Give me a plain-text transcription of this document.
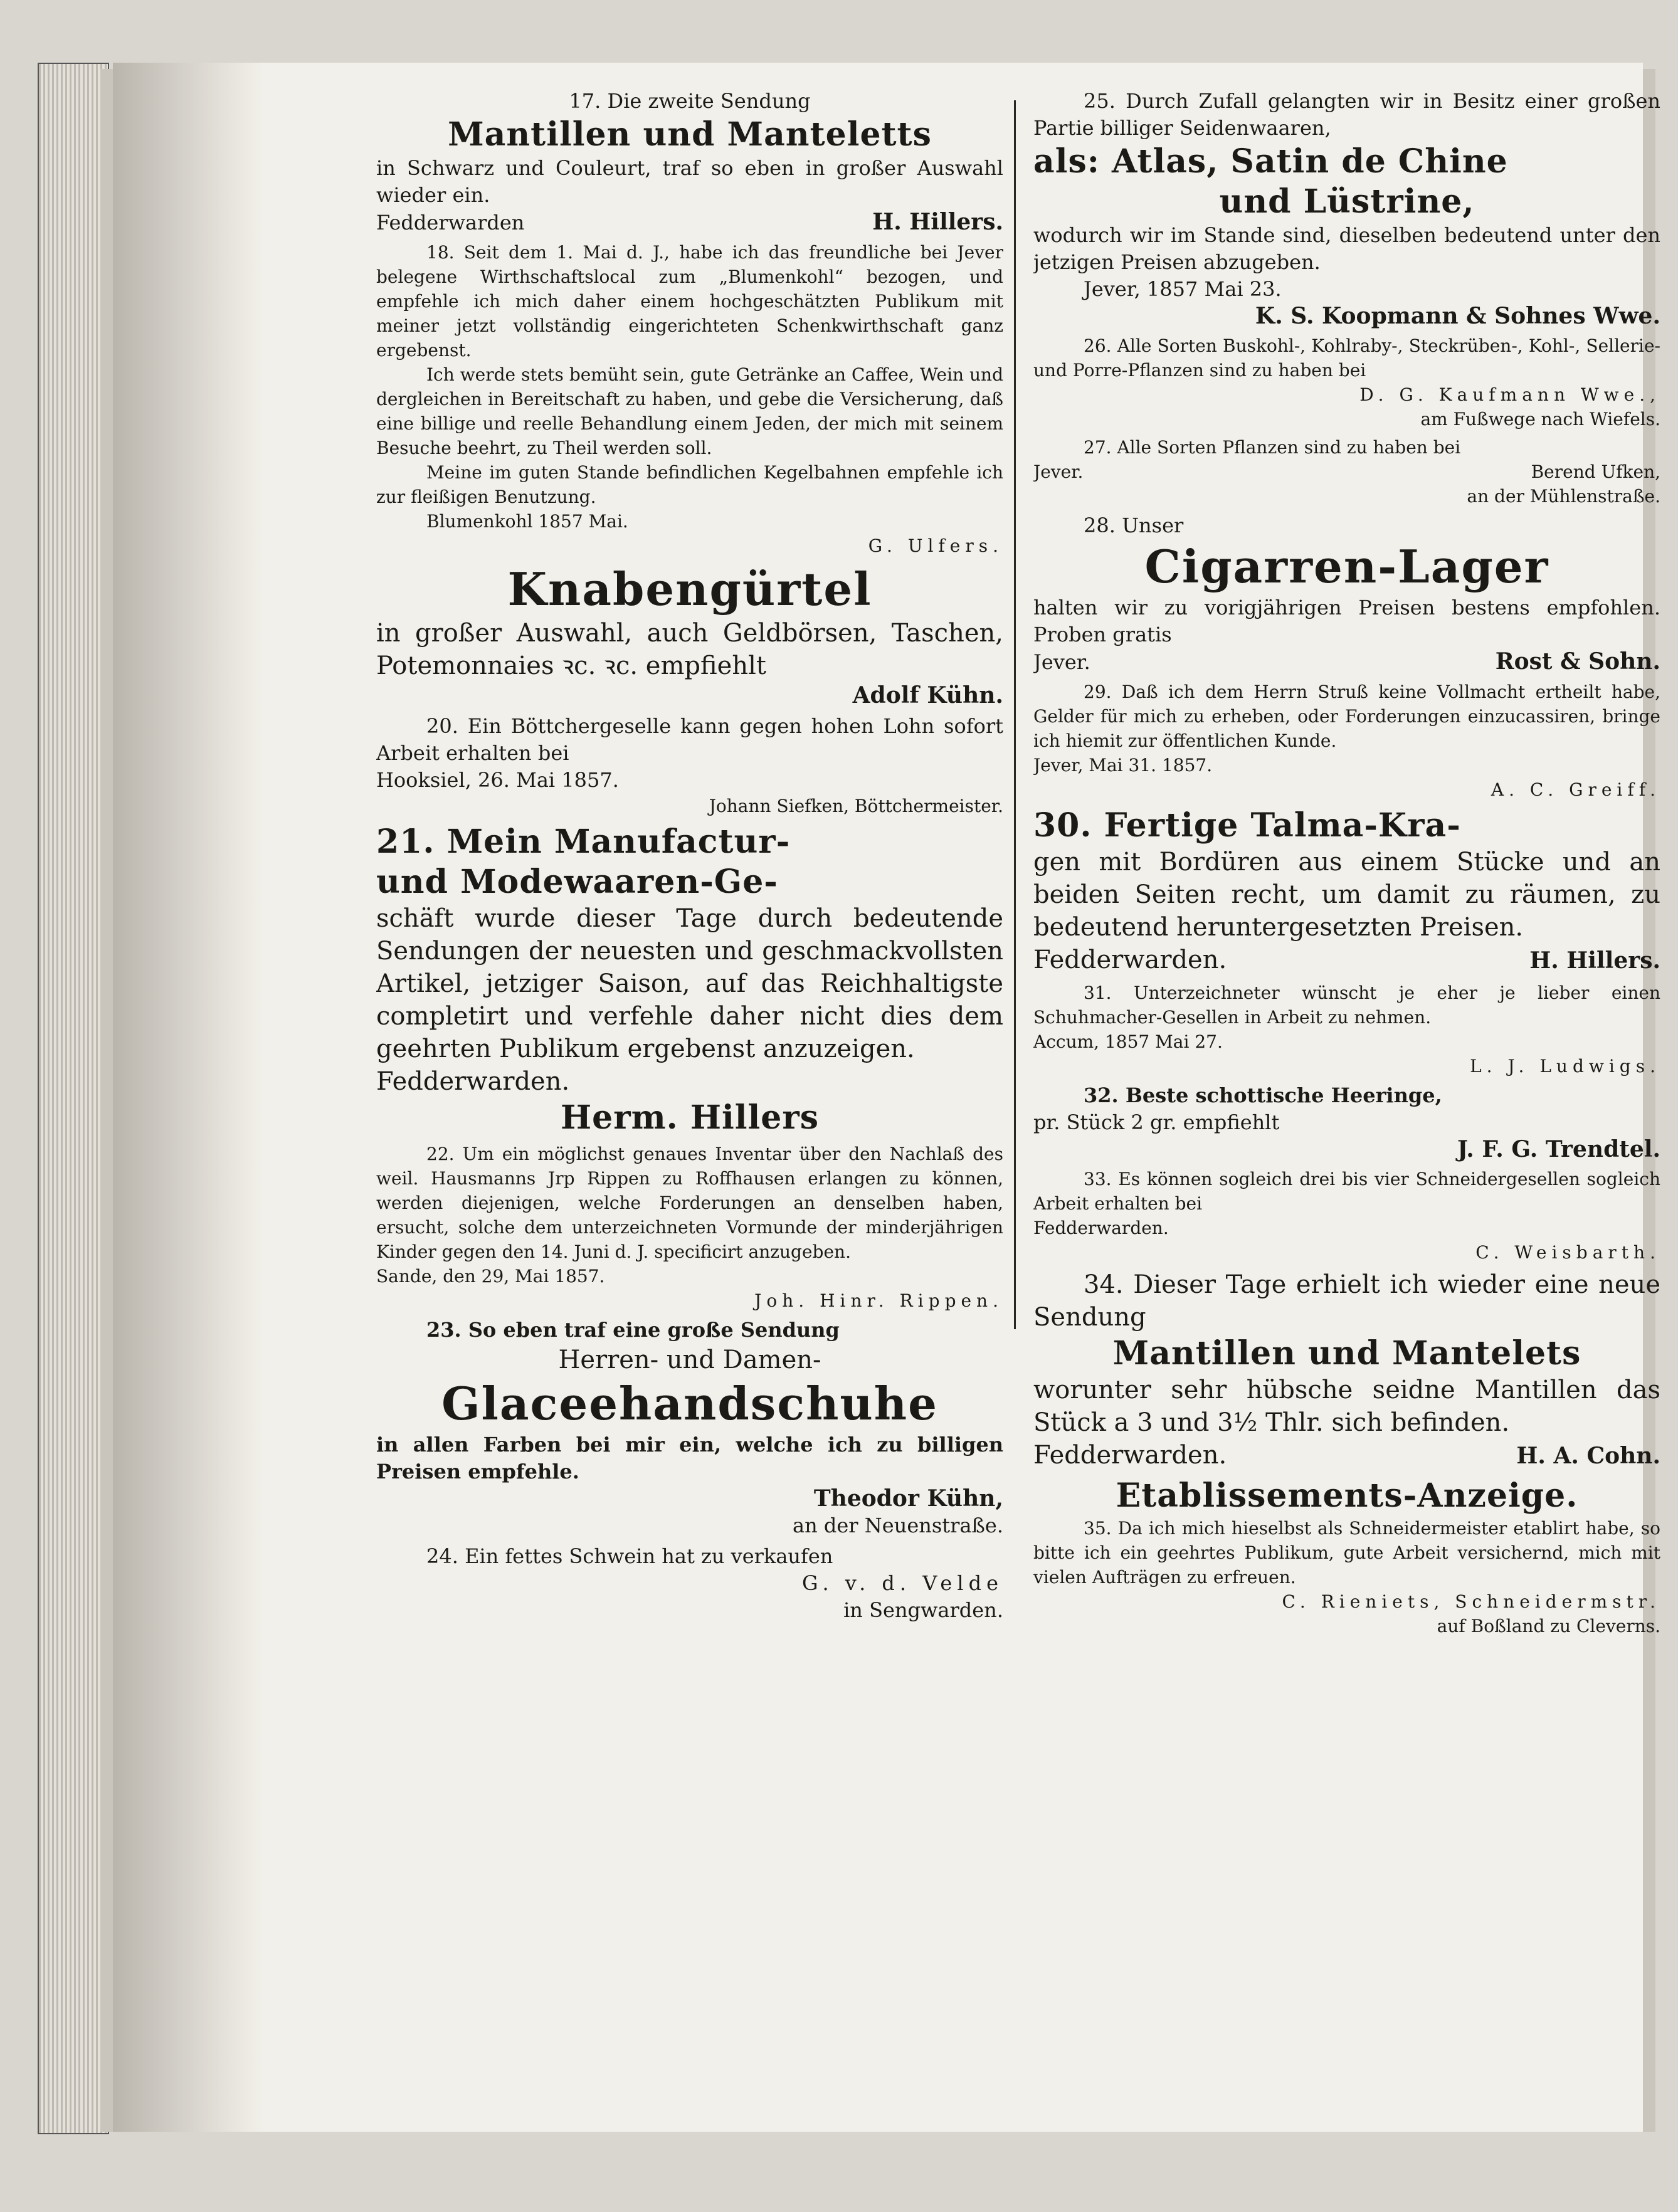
17. Die zweite Sendung

Mantillen und Manteletts

in Schwarz und Couleurt, traf so eben in großer Auswahl wieder ein.

Fedderwarden	H. Hillers.

18. Seit dem 1. Mai d. J., habe ich das freundliche bei Jever belegene Wirthschaftslocal zum „Blumenkohl“ bezogen, und empfehle ich mich daher einem hochgeschätzten Publikum mit meiner jetzt vollständig eingerichteten Schenkwirthschaft ganz ergebenst.

Ich werde stets bemüht sein, gute Getränke an Caffee, Wein und dergleichen in Bereitschaft zu haben, und gebe die Versicherung, daß eine billige und reelle Behandlung einem Jeden, der mich mit seinem Besuche beehrt, zu Theil werden soll.

Meine im guten Stande befindlichen Kegelbahnen empfehle ich zur fleißigen Benutzung.

Blumenkohl 1857 Mai.

G. Ulfers.

Knabengürtel

in großer Auswahl, auch Geldbörsen, Taschen, Potemonnaies ꝛc. ꝛc. empfiehlt

Adolf Kühn.

20. Ein Böttchergeselle kann gegen hohen Lohn sofort Arbeit erhalten bei

Hooksiel, 26. Mai 1857.

Johann Siefken, Böttchermeister.

21. Mein Manufactur-

und Modewaaren-Ge-

schäft wurde dieser Tage durch bedeutende Sendungen der neuesten und geschmackvollsten Artikel, jetziger Saison, auf das Reichhaltigste completirt und verfehle daher nicht dies dem geehrten Publikum ergebenst anzuzeigen.

Fedderwarden.

Herm. Hillers

22. Um ein möglichst genaues Inventar über den Nachlaß des weil. Hausmanns Jrp Rippen zu Roffhausen erlangen zu können, werden diejenigen, welche Forderungen an denselben haben, ersucht, solche dem unterzeichneten Vormunde der minderjährigen Kinder gegen den 14. Juni d. J. specificirt anzugeben.

Sande, den 29, Mai 1857.

Joh. Hinr. Rippen.

23. So eben traf eine große Sendung

Herren- und Damen-

Glaceehandschuhe

in allen Farben bei mir ein, welche ich zu billigen Preisen empfehle.

Theodor Kühn,

an der Neuenstraße.

24. Ein fettes Schwein hat zu verkaufen

G. v. d. Velde

in Sengwarden.

25. Durch Zufall gelangten wir in Besitz einer großen Partie billiger Seidenwaaren,

als: Atlas, Satin de Chine

und Lüstrine,

wodurch wir im Stande sind, dieselben bedeutend unter den jetzigen Preisen abzugeben.

Jever, 1857 Mai 23.

K. S. Koopmann & Sohnes Wwe.

26. Alle Sorten Buskohl-, Kohlraby-, Steckrüben-, Kohl-, Sellerie- und Porre-Pflanzen sind zu haben bei

D. G. Kaufmann Wwe.,

am Fußwege nach Wiefels.

27. Alle Sorten Pflanzen sind zu haben bei

Jever.	Berend Ufken,

an der Mühlenstraße.

28. Unser

Cigarren-Lager

halten wir zu vorigjährigen Preisen bestens empfohlen. Proben gratis

Jever.	Rost & Sohn.

29. Daß ich dem Herrn Struß keine Vollmacht ertheilt habe, Gelder für mich zu erheben, oder Forderungen einzucassiren, bringe ich hiemit zur öffentlichen Kunde.

Jever, Mai 31. 1857.

A. C. Greiff.

30. Fertige Talma-Kra-

gen mit Bordüren aus einem Stücke und an beiden Seiten recht, um damit zu räumen, zu bedeutend heruntergesetzten Preisen.

Fedderwarden.	H. Hillers.

31. Unterzeichneter wünscht je eher je lieber einen Schuhmacher-Gesellen in Arbeit zu nehmen.

Accum, 1857 Mai 27.

L. J. Ludwigs.

32. Beste schottische Heeringe,

pr. Stück 2 gr. empfiehlt

J. F. G. Trendtel.

33. Es können sogleich drei bis vier Schneidergesellen sogleich Arbeit erhalten bei

Fedderwarden.

C. Weisbarth.

34. Dieser Tage erhielt ich wieder eine neue Sendung

Mantillen und Mantelets

worunter sehr hübsche seidne Mantillen das Stück a 3 und 3½ Thlr. sich befinden.

Fedderwarden.	H. A. Cohn.

Etablissements-Anzeige.

35. Da ich mich hieselbst als Schneidermeister etablirt habe, so bitte ich ein geehrtes Publikum, gute Arbeit versichernd, mich mit vielen Aufträgen zu erfreuen.

C. Rieniets, Schneidermstr.

auf Boßland zu Cleverns.
